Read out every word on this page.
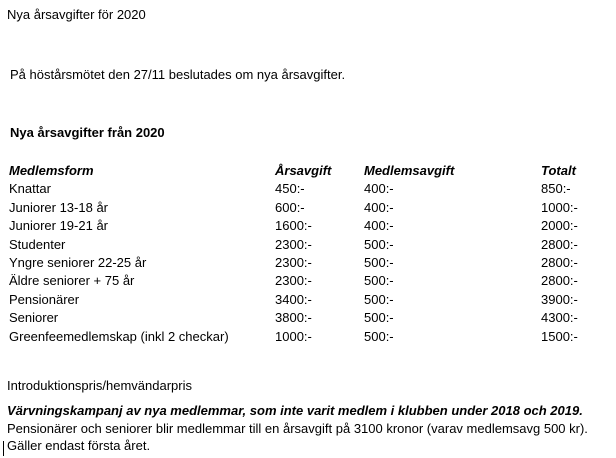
Nya årsavgifter för 2020
På höstårsmötet den 27/11 beslutades om nya årsavgifter.
Nya årsavgifter från 2020
Medlemsform	Årsavgift	Medlemsavgift	Totalt
Knattar	450:-	400:-	850:-
Juniorer 13-18 år	600:-	400:-	1000:-
Juniorer 19-21 år	1600:-	400:-	2000:-
Studenter	2300:-	500:-	2800:-
Yngre seniorer 22-25 år	2300:-	500:-	2800:-
Äldre seniorer + 75 år	2300:-	500:-	2800:-
Pensionärer	3400:-	500:-	3900:-
Seniorer	3800:-	500:-	4300:-
Greenfeemedlemskap (inkl 2 checkar)	1000:-	500:-	1500:-
Introduktionspris/hemvändarpris

Värvningskampanj av nya medlemmar, som inte varit medlem i klubben under 2018 och 2019.

Pensionärer och seniorer blir medlemmar till en årsavgift på 3100 kronor (varav medlemsavg 500 kr).

Gäller endast första året.
